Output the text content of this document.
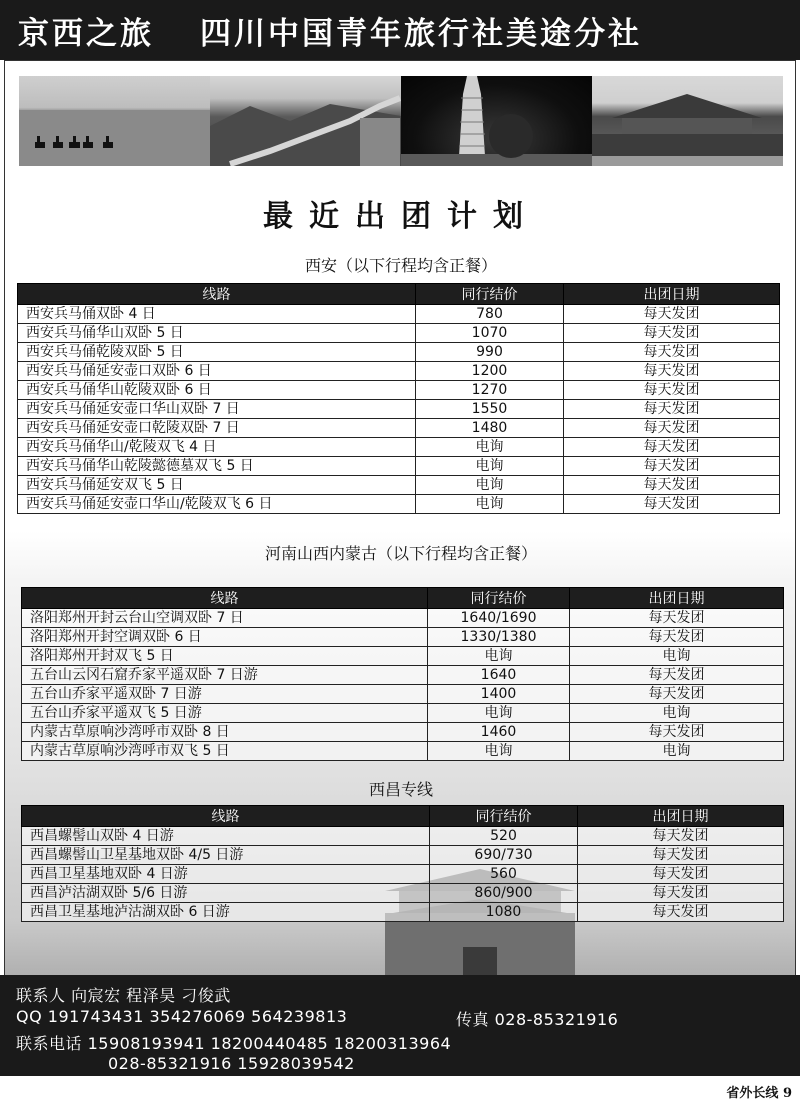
京西之旅 四川中国青年旅行社美途分社
最近出团计划
西安（以下行程均含正餐）
线路	同行结价	出团日期
西安兵马俑双卧 4 日	780	每天发团
西安兵马俑华山双卧 5 日	1070	每天发团
西安兵马俑乾陵双卧 5 日	990	每天发团
西安兵马俑延安壶口双卧 6 日	1200	每天发团
西安兵马俑华山乾陵双卧 6 日	1270	每天发团
西安兵马俑延安壶口华山双卧 7 日	1550	每天发团
西安兵马俑延安壶口乾陵双卧 7 日	1480	每天发团
西安兵马俑华山/乾陵双飞 4 日	电询	每天发团
西安兵马俑华山乾陵懿德墓双飞 5 日	电询	每天发团
西安兵马俑延安双飞 5 日	电询	每天发团
西安兵马俑延安壶口华山/乾陵双飞 6 日	电询	每天发团
河南山西内蒙古（以下行程均含正餐）
线路	同行结价	出团日期
洛阳郑州开封云台山空调双卧 7 日	1640/1690	每天发团
洛阳郑州开封空调双卧 6 日	1330/1380	每天发团
洛阳郑州开封双飞 5 日	电询	电询
五台山云冈石窟乔家平遥双卧 7 日游	1640	每天发团
五台山乔家平遥双卧 7 日游	1400	每天发团
五台山乔家平遥双飞 5 日游	电询	电询
内蒙古草原响沙湾呼市双卧 8 日	1460	每天发团
内蒙古草原响沙湾呼市双飞 5 日	电询	电询
西昌专线
线路	同行结价	出团日期
西昌螺髻山双卧 4 日游	520	每天发团
西昌螺髻山卫星基地双卧 4/5 日游	690/730	每天发团
西昌卫星基地双卧 4 日游	560	每天发团
西昌泸沽湖双卧 5/6 日游	860/900	每天发团
西昌卫星基地泸沽湖双卧 6 日游	1080	每天发团
联系人 向宸宏 程泽昊 刁俊武
QQ 191743431 354276069 564239813	传真 028-85321916
联系电话 15908193941 18200440485 18200313964
028-85321916 15928039542
省外长线 9
